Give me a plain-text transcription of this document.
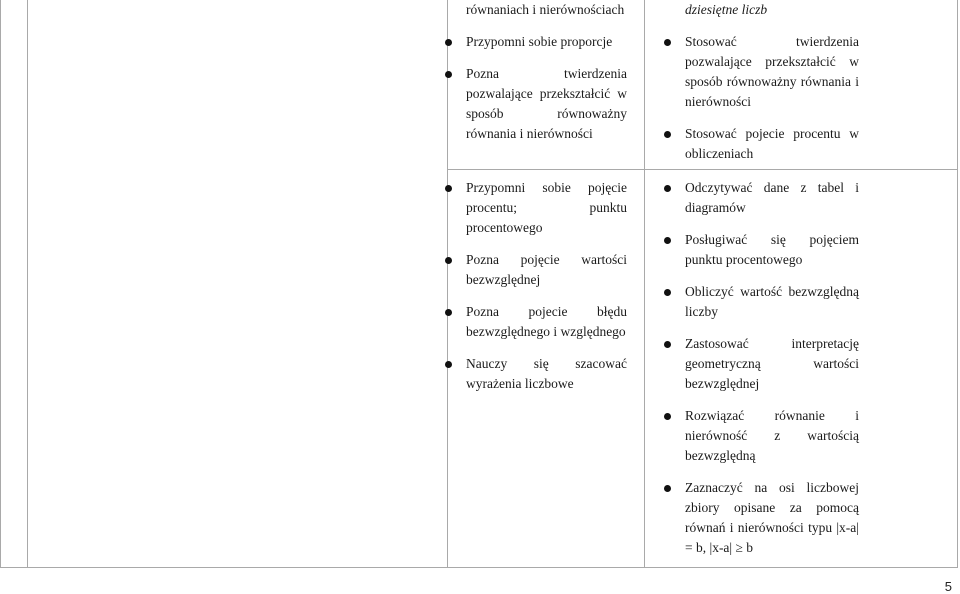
równaniach i nierównościach
Przypomni sobie proporcje
Pozna twierdzenia pozwalające przekształcić w sposób równoważny równania i nierówności
Przypomni sobie pojęcie procentu; punktu procentowego
Pozna pojęcie wartości bezwzględnej
Pozna pojecie błędu bezwzględnego i względnego
Nauczy się szacować wyrażenia liczbowe
dziesiętne liczb
Stosować twierdzenia pozwalające przekształcić w sposób równoważny równania i nierówności
Stosować pojecie procentu w obliczeniach
Odczytywać dane z tabel i diagramów
Posługiwać się pojęciem punktu procentowego
Obliczyć wartość bezwzględną liczby
Zastosować interpretację geometryczną wartości bezwzględnej
Rozwiązać równanie i nierówność z wartością bezwzględną
Zaznaczyć na osi liczbowej zbiory opisane za pomocą równań i nierówności typu |x-a| = b, |x-a| ≥ b
5
